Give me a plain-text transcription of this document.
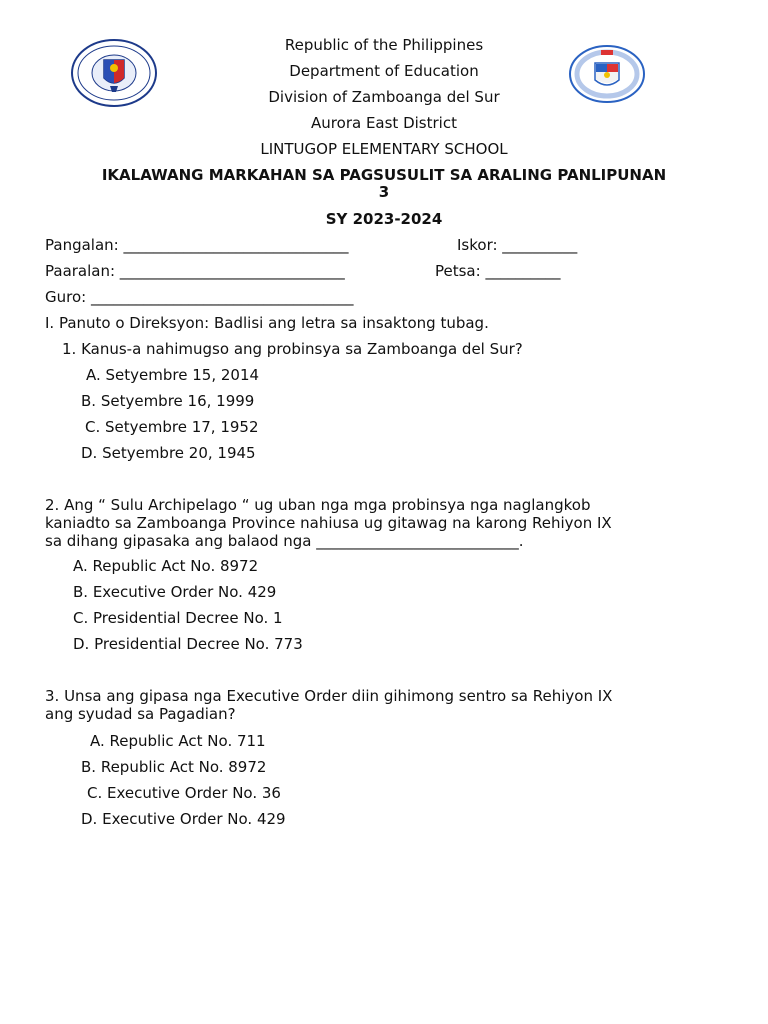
Republic of the Philippines
Department of Education
Division of Zamboanga del Sur
Aurora East District
LINTUGOP ELEMENTARY SCHOOL
IKALAWANG MARKAHAN SA PAGSUSULIT SA ARALING PANLIPUNAN
3
SY 2023-2024
Pangalan: ______________________________	Iskor: __________
Paaralan: ______________________________	Petsa: __________
Guro: ___________________________________
I. Panuto o Direksyon: Badlisi ang letra sa insaktong tubag.
1. Kanus-a nahimugso ang probinsya sa Zamboanga del Sur?
A. Setyembre 15, 2014
B. Setyembre 16, 1999
C. Setyembre 17, 1952
D. Setyembre 20, 1945
2. Ang “ Sulu Archipelago “ ug uban nga mga probinsya nga naglangkob
kaniadto sa Zamboanga Province nahiusa ug gitawag na karong Rehiyon IX
sa dihang gipasaka ang balaod nga ___________________________.
A. Republic Act No. 8972
B. Executive Order No. 429
C. Presidential Decree No. 1
D. Presidential Decree No. 773
3. Unsa ang gipasa nga Executive Order diin gihimong sentro sa Rehiyon IX
ang syudad sa Pagadian?
A. Republic Act No. 711
B. Republic Act No. 8972
C. Executive Order No. 36
D. Executive Order No. 429
